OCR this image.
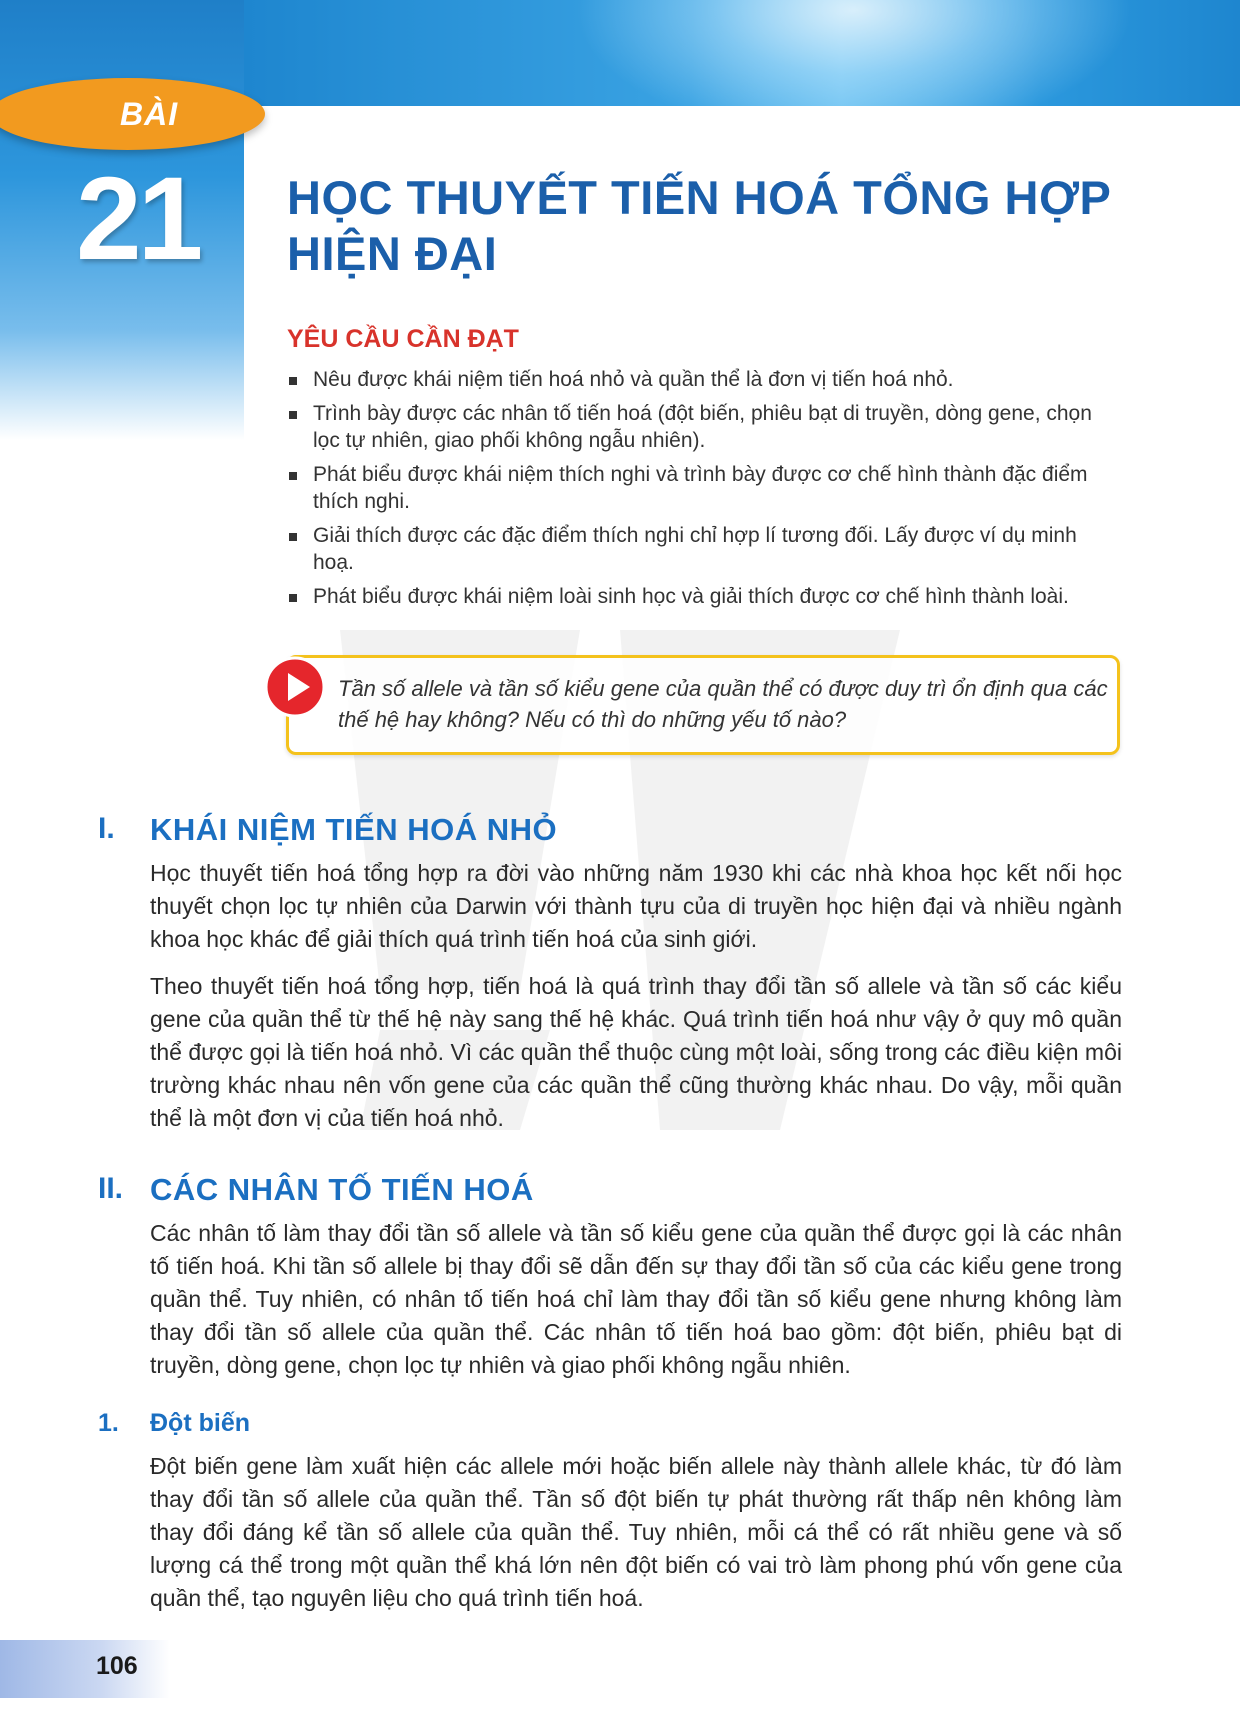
BÀI
21 HỌC THUYẾT TIẾN HOÁ TỔNG HỢP
HIỆN ĐẠI
YÊU CẦU CẦN ĐẠT
Nêu được khái niệm tiến hoá nhỏ và quần thể là đơn vị tiến hoá nhỏ.
Trình bày được các nhân tố tiến hoá (đột biến, phiêu bạt di truyền, dòng gene, chọn lọc tự nhiên, giao phối không ngẫu nhiên).
Phát biểu được khái niệm thích nghi và trình bày được cơ chế hình thành đặc điểm thích nghi.
Giải thích được các đặc điểm thích nghi chỉ hợp lí tương đối. Lấy được ví dụ minh hoạ.
Phát biểu được khái niệm loài sinh học và giải thích được cơ chế hình thành loài.

Tần số allele và tần số kiểu gene của quần thể có được duy trì ổn định qua các thế hệ hay không? Nếu có thì do những yếu tố nào?

I. KHÁI NIỆM TIẾN HOÁ NHỎ

Học thuyết tiến hoá tổng hợp ra đời vào những năm 1930 khi các nhà khoa học kết nối học thuyết chọn lọc tự nhiên của Darwin với thành tựu của di truyền học hiện đại và nhiều ngành khoa học khác để giải thích quá trình tiến hoá của sinh giới.

Theo thuyết tiến hoá tổng hợp, tiến hoá là quá trình thay đổi tần số allele và tần số các kiểu gene của quần thể từ thế hệ này sang thế hệ khác. Quá trình tiến hoá như vậy ở quy mô quần thể được gọi là tiến hoá nhỏ. Vì các quần thể thuộc cùng một loài, sống trong các điều kiện môi trường khác nhau nên vốn gene của các quần thể cũng thường khác nhau. Do vậy, mỗi quần thể là một đơn vị của tiến hoá nhỏ.

II. CÁC NHÂN TỐ TIẾN HOÁ

Các nhân tố làm thay đổi tần số allele và tần số kiểu gene của quần thể được gọi là các nhân tố tiến hoá. Khi tần số allele bị thay đổi sẽ dẫn đến sự thay đổi tần số của các kiểu gene trong quần thể. Tuy nhiên, có nhân tố tiến hoá chỉ làm thay đổi tần số kiểu gene nhưng không làm thay đổi tần số allele của quần thể. Các nhân tố tiến hoá bao gồm: đột biến, phiêu bạt di truyền, dòng gene, chọn lọc tự nhiên và giao phối không ngẫu nhiên.

1. Đột biến

Đột biến gene làm xuất hiện các allele mới hoặc biến allele này thành allele khác, từ đó làm thay đổi tần số allele của quần thể. Tần số đột biến tự phát thường rất thấp nên không làm thay đổi đáng kể tần số allele của quần thể. Tuy nhiên, mỗi cá thể có rất nhiều gene và số lượng cá thể trong một quần thể khá lớn nên đột biến có vai trò làm phong phú vốn gene của quần thể, tạo nguyên liệu cho quá trình tiến hoá.

106
